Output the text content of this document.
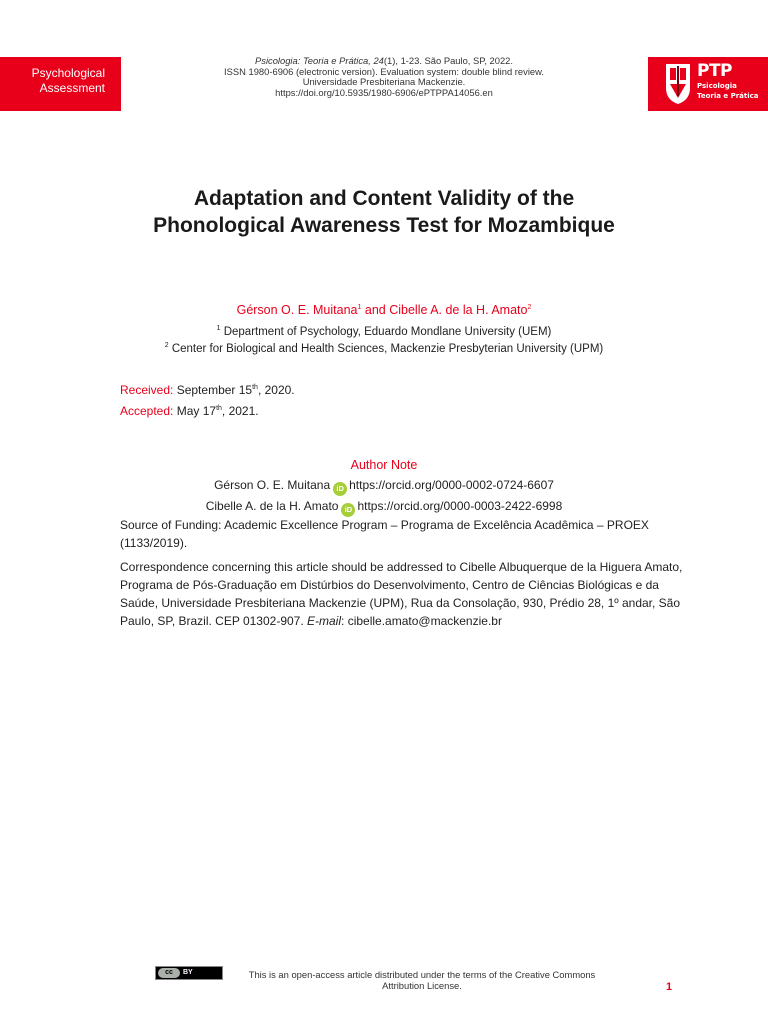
Psychological
Assessment
Psicologia: Teoria e Prática, 24(1), 1-23. São Paulo, SP, 2022.
ISSN 1980-6906 (electronic version). Evaluation system: double blind review.
Universidade Presbiteriana Mackenzie.
https://doi.org/10.5935/1980-6906/ePTPPA14056.en
PTP
Psicologia
Teoria e Prática
Adaptation and Content Validity of the
Phonological Awareness Test for Mozambique
Gérson O. E. Muitana$^1$ and Cibelle A. de la H. Amato$^2$
$^1$ Department of Psychology, Eduardo Mondlane University (UEM)
$^2$ Center for Biological and Health Sciences, Mackenzie Presbyterian University (UPM)
Received: September 15th, 2020.
Accepted: May 17th, 2021.
Author Note
Gérson O. E. Muitana iD https://orcid.org/0000-0002-0724-6607
Cibelle A. de la H. Amato iD https://orcid.org/0000-0003-2422-6998

Source of Funding: Academic Excellence Program – Programa de Excelência Acadêmica – PROEX (1133/2019).

Correspondence concerning this article should be addressed to Cibelle Albuquerque de la Higuera Amato, Programa de Pós-Graduação em Distúrbios do Desenvolvimento, Centro de Ciências Biológicas e da Saúde, Universidade Presbiteriana Mackenzie (UPM), Rua da Consolação, 930, Prédio 28, 1º andar, São Paulo, SP, Brazil. CEP 01302-907. E-mail: cibelle.amato@mackenzie.br

cc	BY	This is an open-access article distributed under the terms of the Creative Commons
Attribution License.	1
